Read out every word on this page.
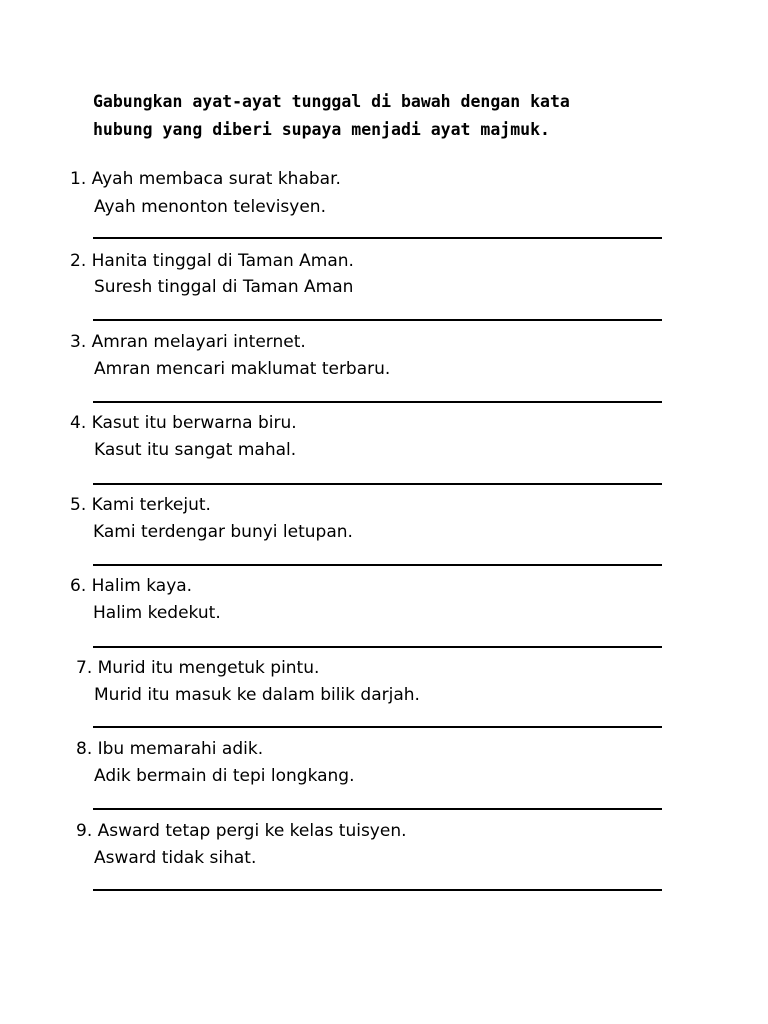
Gabungkan ayat-ayat tunggal di bawah dengan kata
hubung yang diberi supaya menjadi ayat majmuk.
1. Ayah membaca surat khabar.
Ayah menonton televisyen.
2. Hanita tinggal di Taman Aman.
Suresh tinggal di Taman Aman
3. Amran melayari internet.
Amran mencari maklumat terbaru.
4. Kasut itu berwarna biru.
Kasut itu sangat mahal.
5. Kami terkejut.
Kami terdengar bunyi letupan.
6. Halim kaya.
Halim kedekut.
7. Murid itu mengetuk pintu.
Murid itu masuk ke dalam bilik darjah.
8. Ibu memarahi adik.
Adik bermain di tepi longkang.
9. Asward tetap pergi ke kelas tuisyen.
Asward tidak sihat.
